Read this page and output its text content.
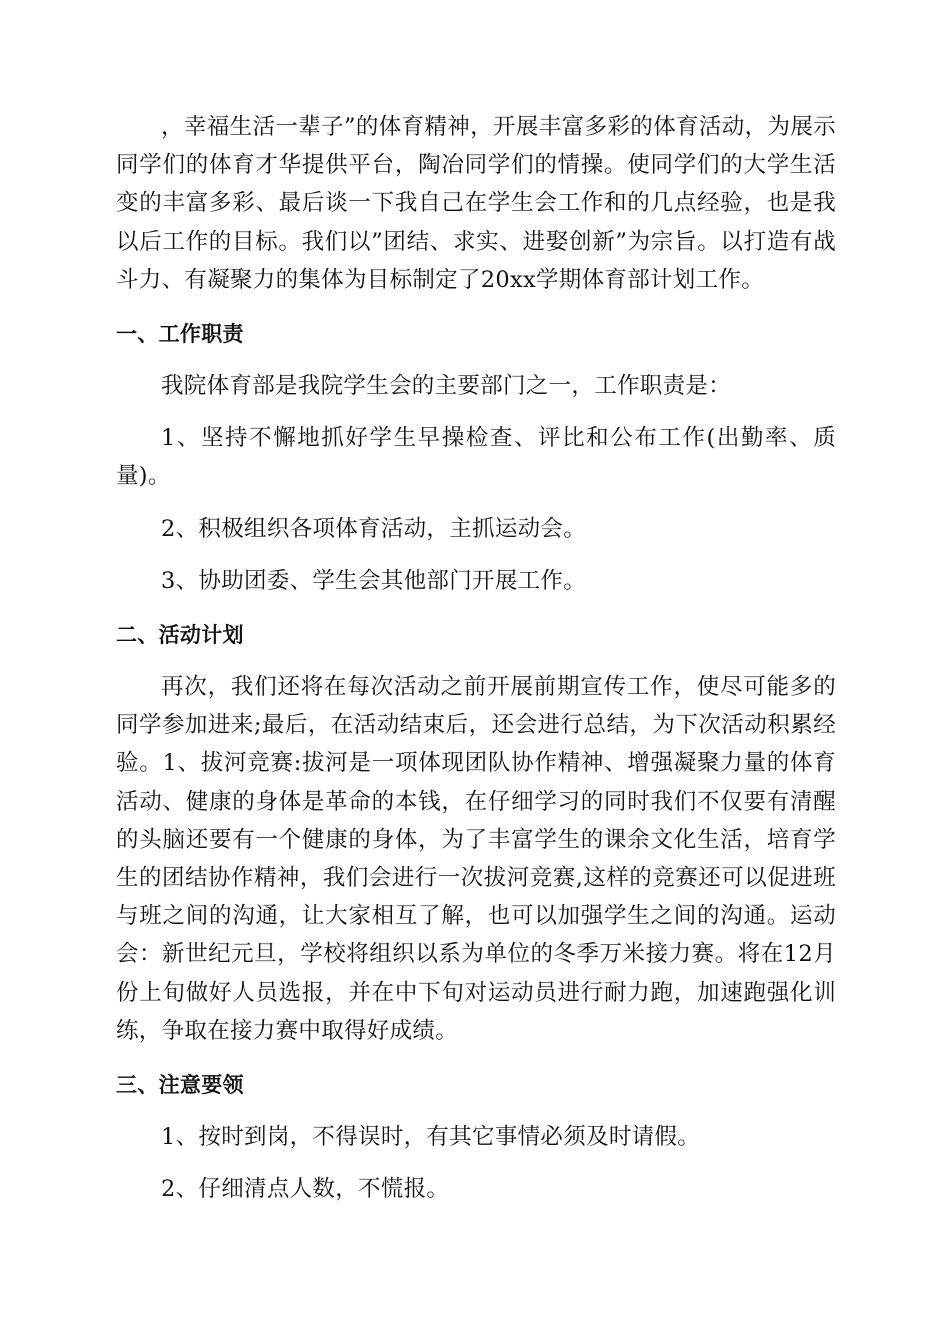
，幸福生活一辈子”的体育精神，开展丰富多彩的体育活动，为展示同学们的体育才华提供平台，陶冶同学们的情操。使同学们的大学生活变的丰富多彩、最后谈一下我自己在学生会工作和的几点经验，也是我以后工作的目标。我们以”团结、求实、进娶创新”为宗旨。以打造有战斗力、有凝聚力的集体为目标制定了20xx学期体育部计划工作。

一、工作职责

我院体育部是我院学生会的主要部门之一，工作职责是：

1、坚持不懈地抓好学生早操检查、评比和公布工作(出勤率、质量)。

2、积极组织各项体育活动，主抓运动会。

3、协助团委、学生会其他部门开展工作。

二、活动计划

再次，我们还将在每次活动之前开展前期宣传工作，使尽可能多的同学参加进来;最后，在活动结束后，还会进行总结，为下次活动积累经验。1、拔河竞赛:拔河是一项体现团队协作精神、增强凝聚力量的体育活动、健康的身体是革命的本钱，在仔细学习的同时我们不仅要有清醒的头脑还要有一个健康的身体，为了丰富学生的课余文化生活，培育学生的团结协作精神，我们会进行一次拔河竞赛,这样的竞赛还可以促进班与班之间的沟通，让大家相互了解，也可以加强学生之间的沟通。运动会：新世纪元旦，学校将组织以系为单位的冬季万米接力赛。将在12月份上旬做好人员选报，并在中下旬对运动员进行耐力跑，加速跑强化训练，争取在接力赛中取得好成绩。

三、注意要领

1、按时到岗，不得误时，有其它事情必须及时请假。

2、仔细清点人数，不慌报。
